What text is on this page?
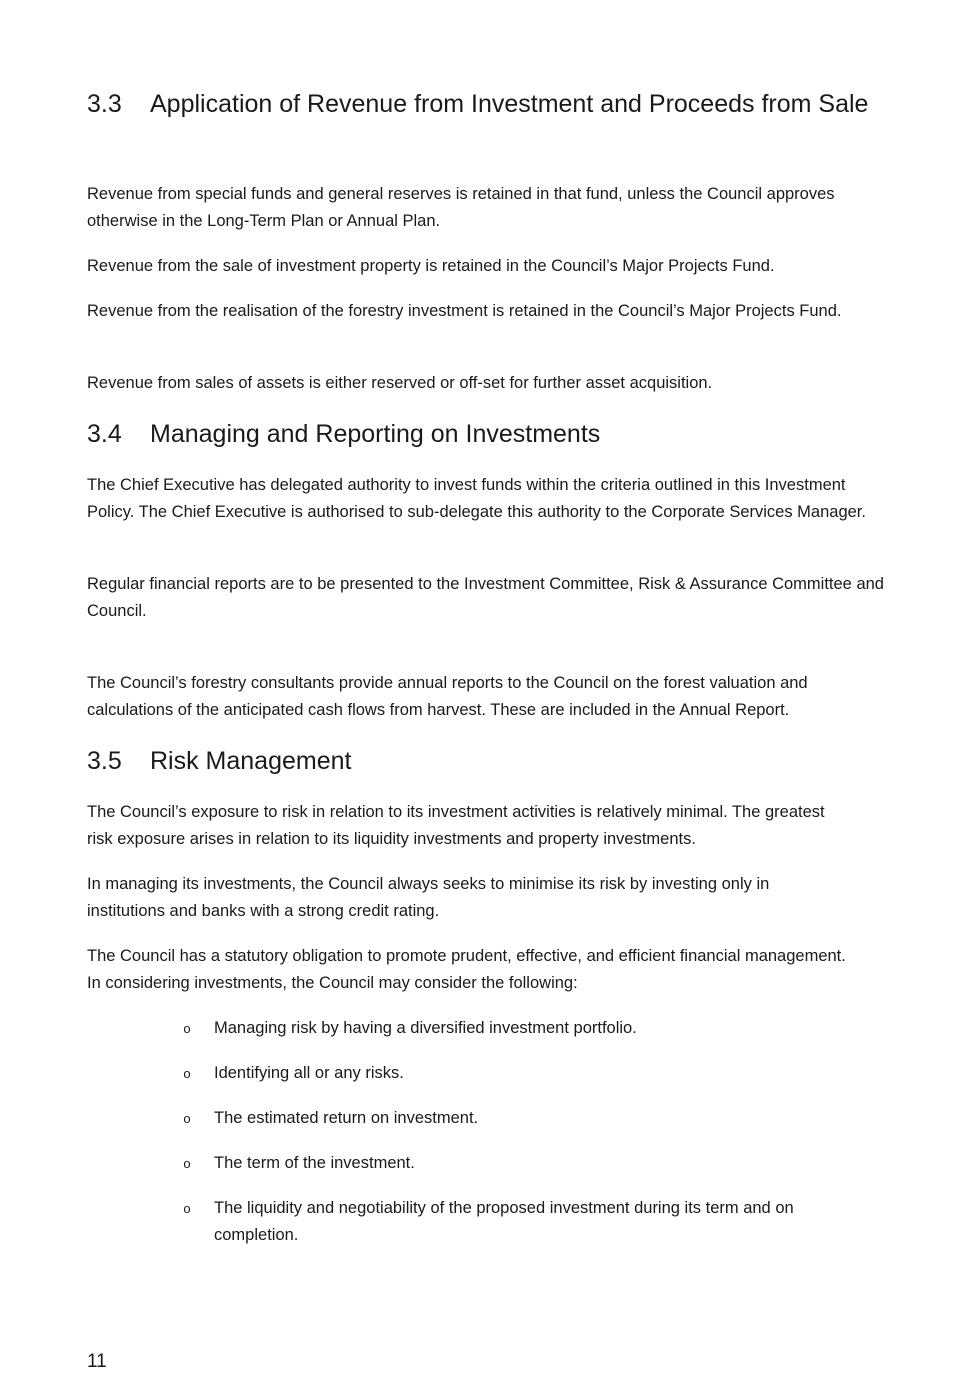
3.3 Application of Revenue from Investment and Proceeds from Sale

Revenue from special funds and general reserves is retained in that fund, unless the Council approves otherwise in the Long-Term Plan or Annual Plan.

Revenue from the sale of investment property is retained in the Council’s Major Projects Fund.

Revenue from the realisation of the forestry investment is retained in the Council’s Major Projects Fund.

Revenue from sales of assets is either reserved or off-set for further asset acquisition.

3.4 Managing and Reporting on Investments

The Chief Executive has delegated authority to invest funds within the criteria outlined in this Investment Policy. The Chief Executive is authorised to sub-delegate this authority to the Corporate Services Manager.

Regular financial reports are to be presented to the Investment Committee, Risk & Assurance Committee and Council.

The Council’s forestry consultants provide annual reports to the Council on the forest valuation and calculations of the anticipated cash flows from harvest. These are included in the Annual Report.

3.5 Risk Management

The Council’s exposure to risk in relation to its investment activities is relatively minimal. The greatest risk exposure arises in relation to its liquidity investments and property investments.

In managing its investments, the Council always seeks to minimise its risk by investing only in institutions and banks with a strong credit rating.

The Council has a statutory obligation to promote prudent, effective, and efficient financial management. In considering investments, the Council may consider the following:

o Managing risk by having a diversified investment portfolio.
o Identifying all or any risks.
o The estimated return on investment.
o The term of the investment.
o The liquidity and negotiability of the proposed investment during its term and on completion.

11
